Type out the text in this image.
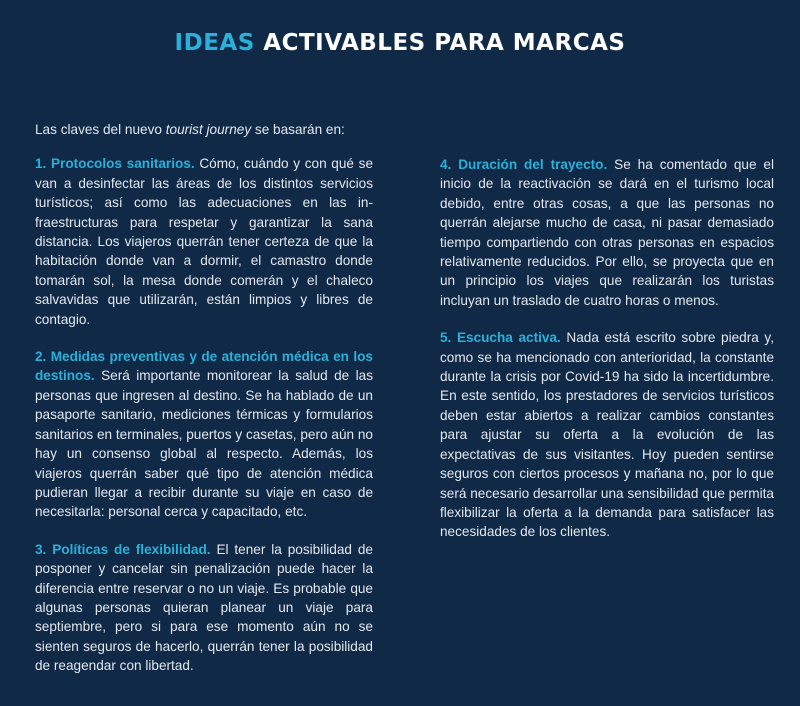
IDEAS ACTIVABLES PARA MARCAS

Las claves del nuevo tourist journey se basarán en:

1. Protocolos sanitarios. Cómo, cuándo y con qué se van a desinfectar las áreas de los distintos servicios turísticos; así como las adecuaciones en las infraestructuras para respetar y garantizar la sana distancia. Los viajeros querrán tener certeza de que la habitación donde van a dormir, el camastro donde tomarán sol, la mesa donde comerán y el chaleco salvavidas que utilizarán, están limpios y libres de contagio.

2. Medidas preventivas y de atención médica en los destinos. Será importante monitorear la salud de las personas que ingresen al destino. Se ha hablado de un pasaporte sanitario, mediciones térmicas y formularios sanitarios en terminales, puertos y casetas, pero aún no hay un consenso global al respecto. Además, los viajeros querrán saber qué tipo de atención médica pudieran llegar a recibir durante su viaje en caso de necesitarla: personal cerca y capacitado, etc.

3. Políticas de flexibilidad. El tener la posibilidad de posponer y cancelar sin penalización puede hacer la diferencia entre reservar o no un viaje. Es probable que algunas personas quieran planear un viaje para septiembre, pero si para ese momento aún no se sienten seguros de hacerlo, querrán tener la posibilidad de reagendar con libertad.

4. Duración del trayecto. Se ha comentado que el inicio de la reactivación se dará en el turismo local debido, entre otras cosas, a que las personas no querrán alejarse mucho de casa, ni pasar demasiado tiempo compartiendo con otras personas en espacios relativamente reducidos. Por ello, se proyecta que en un principio los viajes que realizarán los turistas incluyan un traslado de cuatro horas o menos.

5. Escucha activa. Nada está escrito sobre piedra y, como se ha mencionado con anterioridad, la constante durante la crisis por Covid-19 ha sido la incertidumbre. En este sentido, los prestadores de servicios turísticos deben estar abiertos a realizar cambios constantes para ajustar su oferta a la evolución de las expectativas de sus visitantes. Hoy pueden sentirse seguros con ciertos procesos y mañana no, por lo que será necesario desarrollar una sensibilidad que permita flexibilizar la oferta a la demanda para satisfacer las necesidades de los clientes.
